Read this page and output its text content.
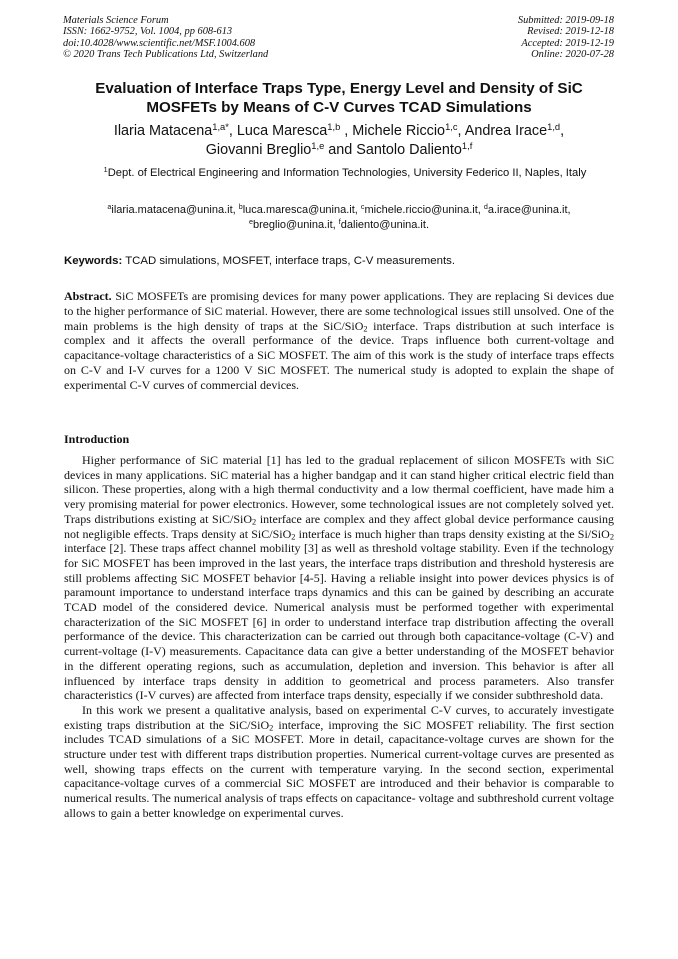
Materials Science Forum
ISSN: 1662-9752, Vol. 1004, pp 608-613
doi:10.4028/www.scientific.net/MSF.1004.608
© 2020 Trans Tech Publications Ltd, Switzerland
Submitted: 2019-09-18
Revised: 2019-12-18
Accepted: 2019-12-19
Online: 2020-07-28
Evaluation of Interface Traps Type, Energy Level and Density of SiC
MOSFETs by Means of C-V Curves TCAD Simulations
Ilaria Matacena$^{1,a*}$, Luca Maresca$^{1,b}$ , Michele Riccio$^{1,c}$, Andrea Irace$^{1,d}$,
Giovanni Breglio$^{1,e}$ and Santolo Daliento$^{1,f}$
$^1$Dept. of Electrical Engineering and Information Technologies, University Federico II, Naples, Italy
$^a$ilaria.matacena@unina.it, $^b$luca.maresca@unina.it, $^c$michele.riccio@unina.it, $^d$a.irace@unina.it,
$^e$breglio@unina.it, $^f$daliento@unina.it.
Keywords: TCAD simulations, MOSFET, interface traps, C-V measurements.
Abstract. SiC MOSFETs are promising devices for many power applications. They are replacing Si devices due to the higher performance of SiC material. However, there are some technological issues still unsolved. One of the main problems is the high density of traps at the SiC/SiO$_2$ interface. Traps distribution at such interface is complex and it affects the overall performance of the device. Traps influence both current-voltage and capacitance-voltage characteristics of a SiC MOSFET. The aim of this work is the study of interface traps effects on C-V and I-V curves for a 1200 V SiC MOSFET. The numerical study is adopted to explain the shape of experimental C-V curves of commercial devices.
Introduction

Higher performance of SiC material [1] has led to the gradual replacement of silicon MOSFETs with SiC devices in many applications. SiC material has a higher bandgap and it can stand higher critical electric field than silicon. These properties, along with a high thermal conductivity and a low thermal coefficient, have made him a very promising material for power electronics. However, some technological issues are not completely solved yet. Traps distributions existing at SiC/SiO$_2$ interface are complex and they affect global device performance causing not negligible effects. Traps density at SiC/SiO$_2$ interface is much higher than traps density existing at the Si/SiO$_2$ interface [2]. These traps affect channel mobility [3] as well as threshold voltage stability. Even if the technology for SiC MOSFET has been improved in the last years, the interface traps distribution and threshold hysteresis are still problems affecting SiC MOSFET behavior [4-5]. Having a reliable insight into power devices physics is of paramount importance to understand interface traps dynamics and this can be gained by describing an accurate TCAD model of the considered device. Numerical analysis must be performed together with experimental characterization of the SiC MOSFET [6] in order to understand interface trap distribution affecting the overall performance of the device. This characterization can be carried out through both capacitance-voltage (C-V) and current-voltage (I-V) measurements. Capacitance data can give a better understanding of the MOSFET behavior in the different operating regions, such as accumulation, depletion and inversion. This behavior is after all influenced by interface traps density in addition to geometrical and process parameters. Also transfer characteristics (I-V curves) are affected from interface traps density, especially if we consider subthreshold data.

In this work we present a qualitative analysis, based on experimental C-V curves, to accurately investigate existing traps distribution at the SiC/SiO$_2$ interface, improving the SiC MOSFET reliability. The first section includes TCAD simulations of a SiC MOSFET. More in detail, capacitance-voltage curves are shown for the structure under test with different traps distribution properties. Numerical current-voltage curves are presented as well, showing traps effects on the current with temperature varying. In the second section, experimental capacitance-voltage curves of a commercial SiC MOSFET are introduced and their behavior is comparable to numerical results. The numerical analysis of traps effects on capacitance- voltage and subthreshold current voltage allows to gain a better knowledge on experimental curves.
